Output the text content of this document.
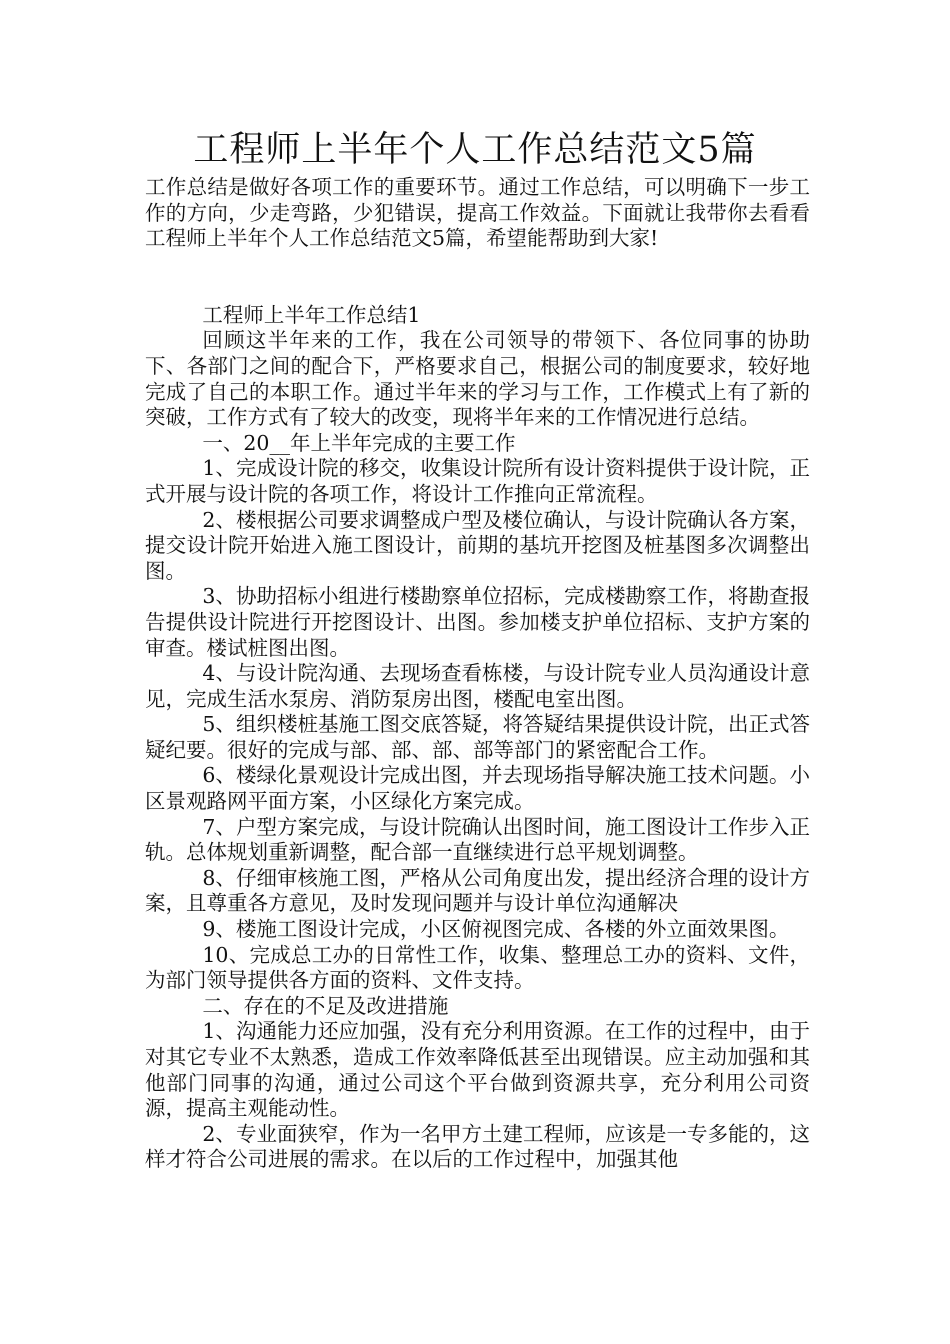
工程师上半年个人工作总结范文5篇

工作总结是做好各项工作的重要环节。通过工作总结，可以明确下一步工作的方向，少走弯路，少犯错误，提高工作效益。下面就让我带你去看看工程师上半年个人工作总结范文5篇，希望能帮助到大家!

工程师上半年工作总结1

回顾这半年来的工作，我在公司领导的带领下、各位同事的协助下、各部门之间的配合下，严格要求自己，根据公司的制度要求，较好地完成了自己的本职工作。通过半年来的学习与工作，工作模式上有了新的突破，工作方式有了较大的改变，现将半年来的工作情况进行总结。

一、20__年上半年完成的主要工作

1、完成设计院的移交，收集设计院所有设计资料提供于设计院，正式开展与设计院的各项工作，将设计工作推向正常流程。

2、楼根据公司要求调整成户型及楼位确认，与设计院确认各方案，提交设计院开始进入施工图设计，前期的基坑开挖图及桩基图多次调整出图。

3、协助招标小组进行楼勘察单位招标，完成楼勘察工作，将勘查报告提供设计院进行开挖图设计、出图。参加楼支护单位招标、支护方案的审查。楼试桩图出图。

4、与设计院沟通、去现场查看栋楼，与设计院专业人员沟通设计意见，完成生活水泵房、消防泵房出图，楼配电室出图。

5、组织楼桩基施工图交底答疑，将答疑结果提供设计院，出正式答疑纪要。很好的完成与部、部、部、部等部门的紧密配合工作。

6、楼绿化景观设计完成出图，并去现场指导解决施工技术问题。小区景观路网平面方案，小区绿化方案完成。

7、户型方案完成，与设计院确认出图时间，施工图设计工作步入正轨。总体规划重新调整，配合部一直继续进行总平规划调整。

8、仔细审核施工图，严格从公司角度出发，提出经济合理的设计方案，且尊重各方意见，及时发现问题并与设计单位沟通解决

9、楼施工图设计完成，小区俯视图完成、各楼的外立面效果图。

10、完成总工办的日常性工作，收集、整理总工办的资料、文件，为部门领导提供各方面的资料、文件支持。

二、存在的不足及改进措施

1、沟通能力还应加强，没有充分利用资源。在工作的过程中，由于对其它专业不太熟悉，造成工作效率降低甚至出现错误。应主动加强和其他部门同事的沟通，通过公司这个平台做到资源共享，充分利用公司资源，提高主观能动性。

2、专业面狭窄，作为一名甲方土建工程师，应该是一专多能的，这样才符合公司进展的需求。在以后的工作过程中，加强其他
